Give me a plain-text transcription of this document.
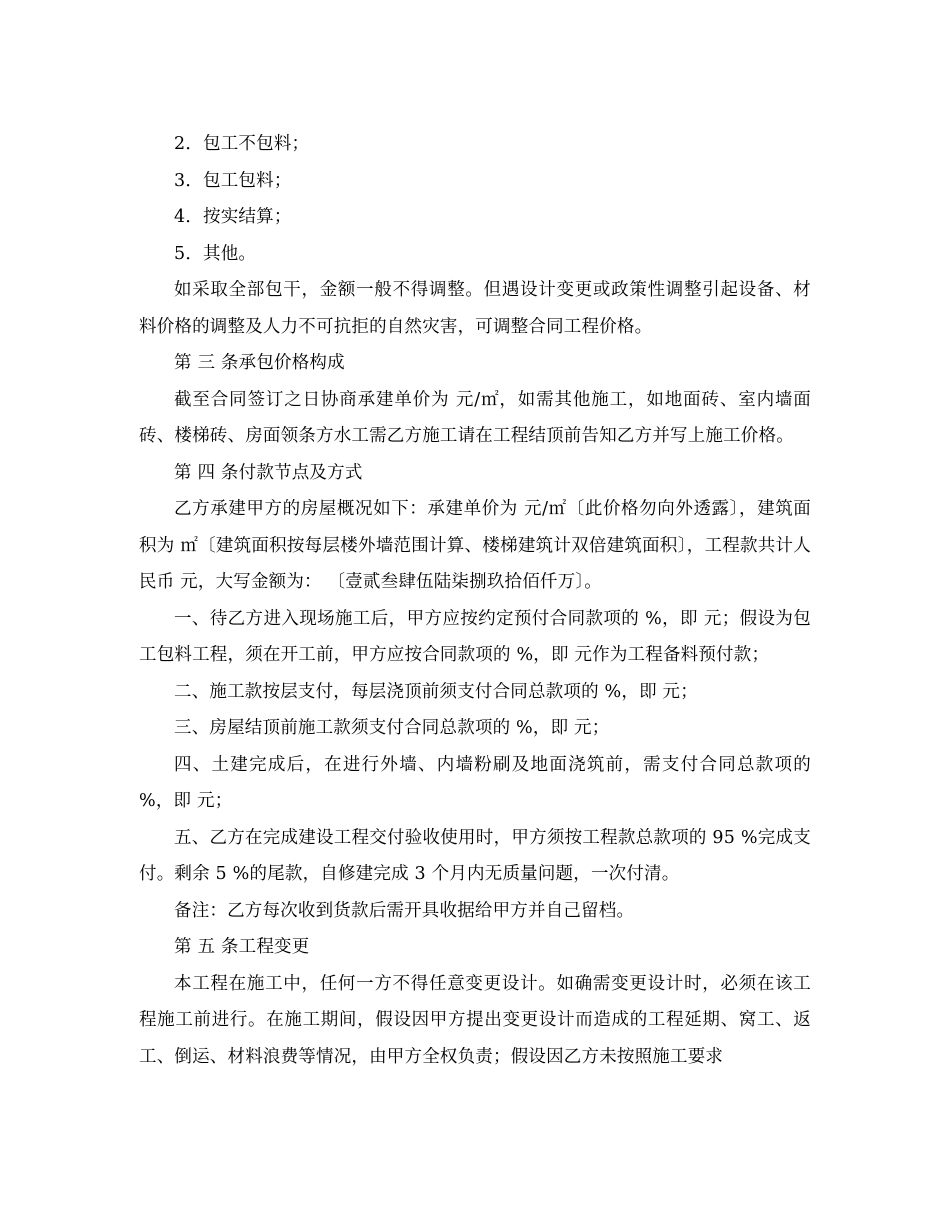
2．包工不包料；

3．包工包料；

4．按实结算；

5．其他。

如采取全部包干，金额一般不得调整。但遇设计变更或政策性调整引起设备、材料价格的调整及人力不可抗拒的自然灾害，可调整合同工程价格。

第 三 条承包价格构成

截至合同签订之日协商承建单价为 元/㎡，如需其他施工，如地面砖、室内墙面砖、楼梯砖、房面领条方水工需乙方施工请在工程结顶前告知乙方并写上施工价格。

第 四 条付款节点及方式

乙方承建甲方的房屋概况如下：承建单价为 元/㎡〔此价格勿向外透露〕，建筑面积为 ㎡〔建筑面积按每层楼外墙范围计算、楼梯建筑计双倍建筑面积〕，工程款共计人民币 元，大写金额为： 〔壹贰叁肆伍陆柒捌玖拾佰仟万〕。

一、待乙方进入现场施工后，甲方应按约定预付合同款项的 %，即 元；假设为包工包料工程，须在开工前，甲方应按合同款项的 %，即 元作为工程备料预付款；

二、施工款按层支付，每层浇顶前须支付合同总款项的 %，即 元；

三、房屋结顶前施工款须支付合同总款项的 %，即 元；

四、土建完成后，在进行外墙、内墙粉刷及地面浇筑前，需支付合同总款项的 %，即 元；

五、乙方在完成建设工程交付验收使用时，甲方须按工程款总款项的 95 %完成支付。剩余 5 %的尾款，自修建完成 3 个月内无质量问题，一次付清。

备注：乙方每次收到货款后需开具收据给甲方并自己留档。

第 五 条工程变更

本工程在施工中，任何一方不得任意变更设计。如确需变更设计时，必须在该工程施工前进行。在施工期间，假设因甲方提出变更设计而造成的工程延期、窝工、返工、倒运、材料浪费等情况，由甲方全权负责；假设因乙方未按照施工要求
